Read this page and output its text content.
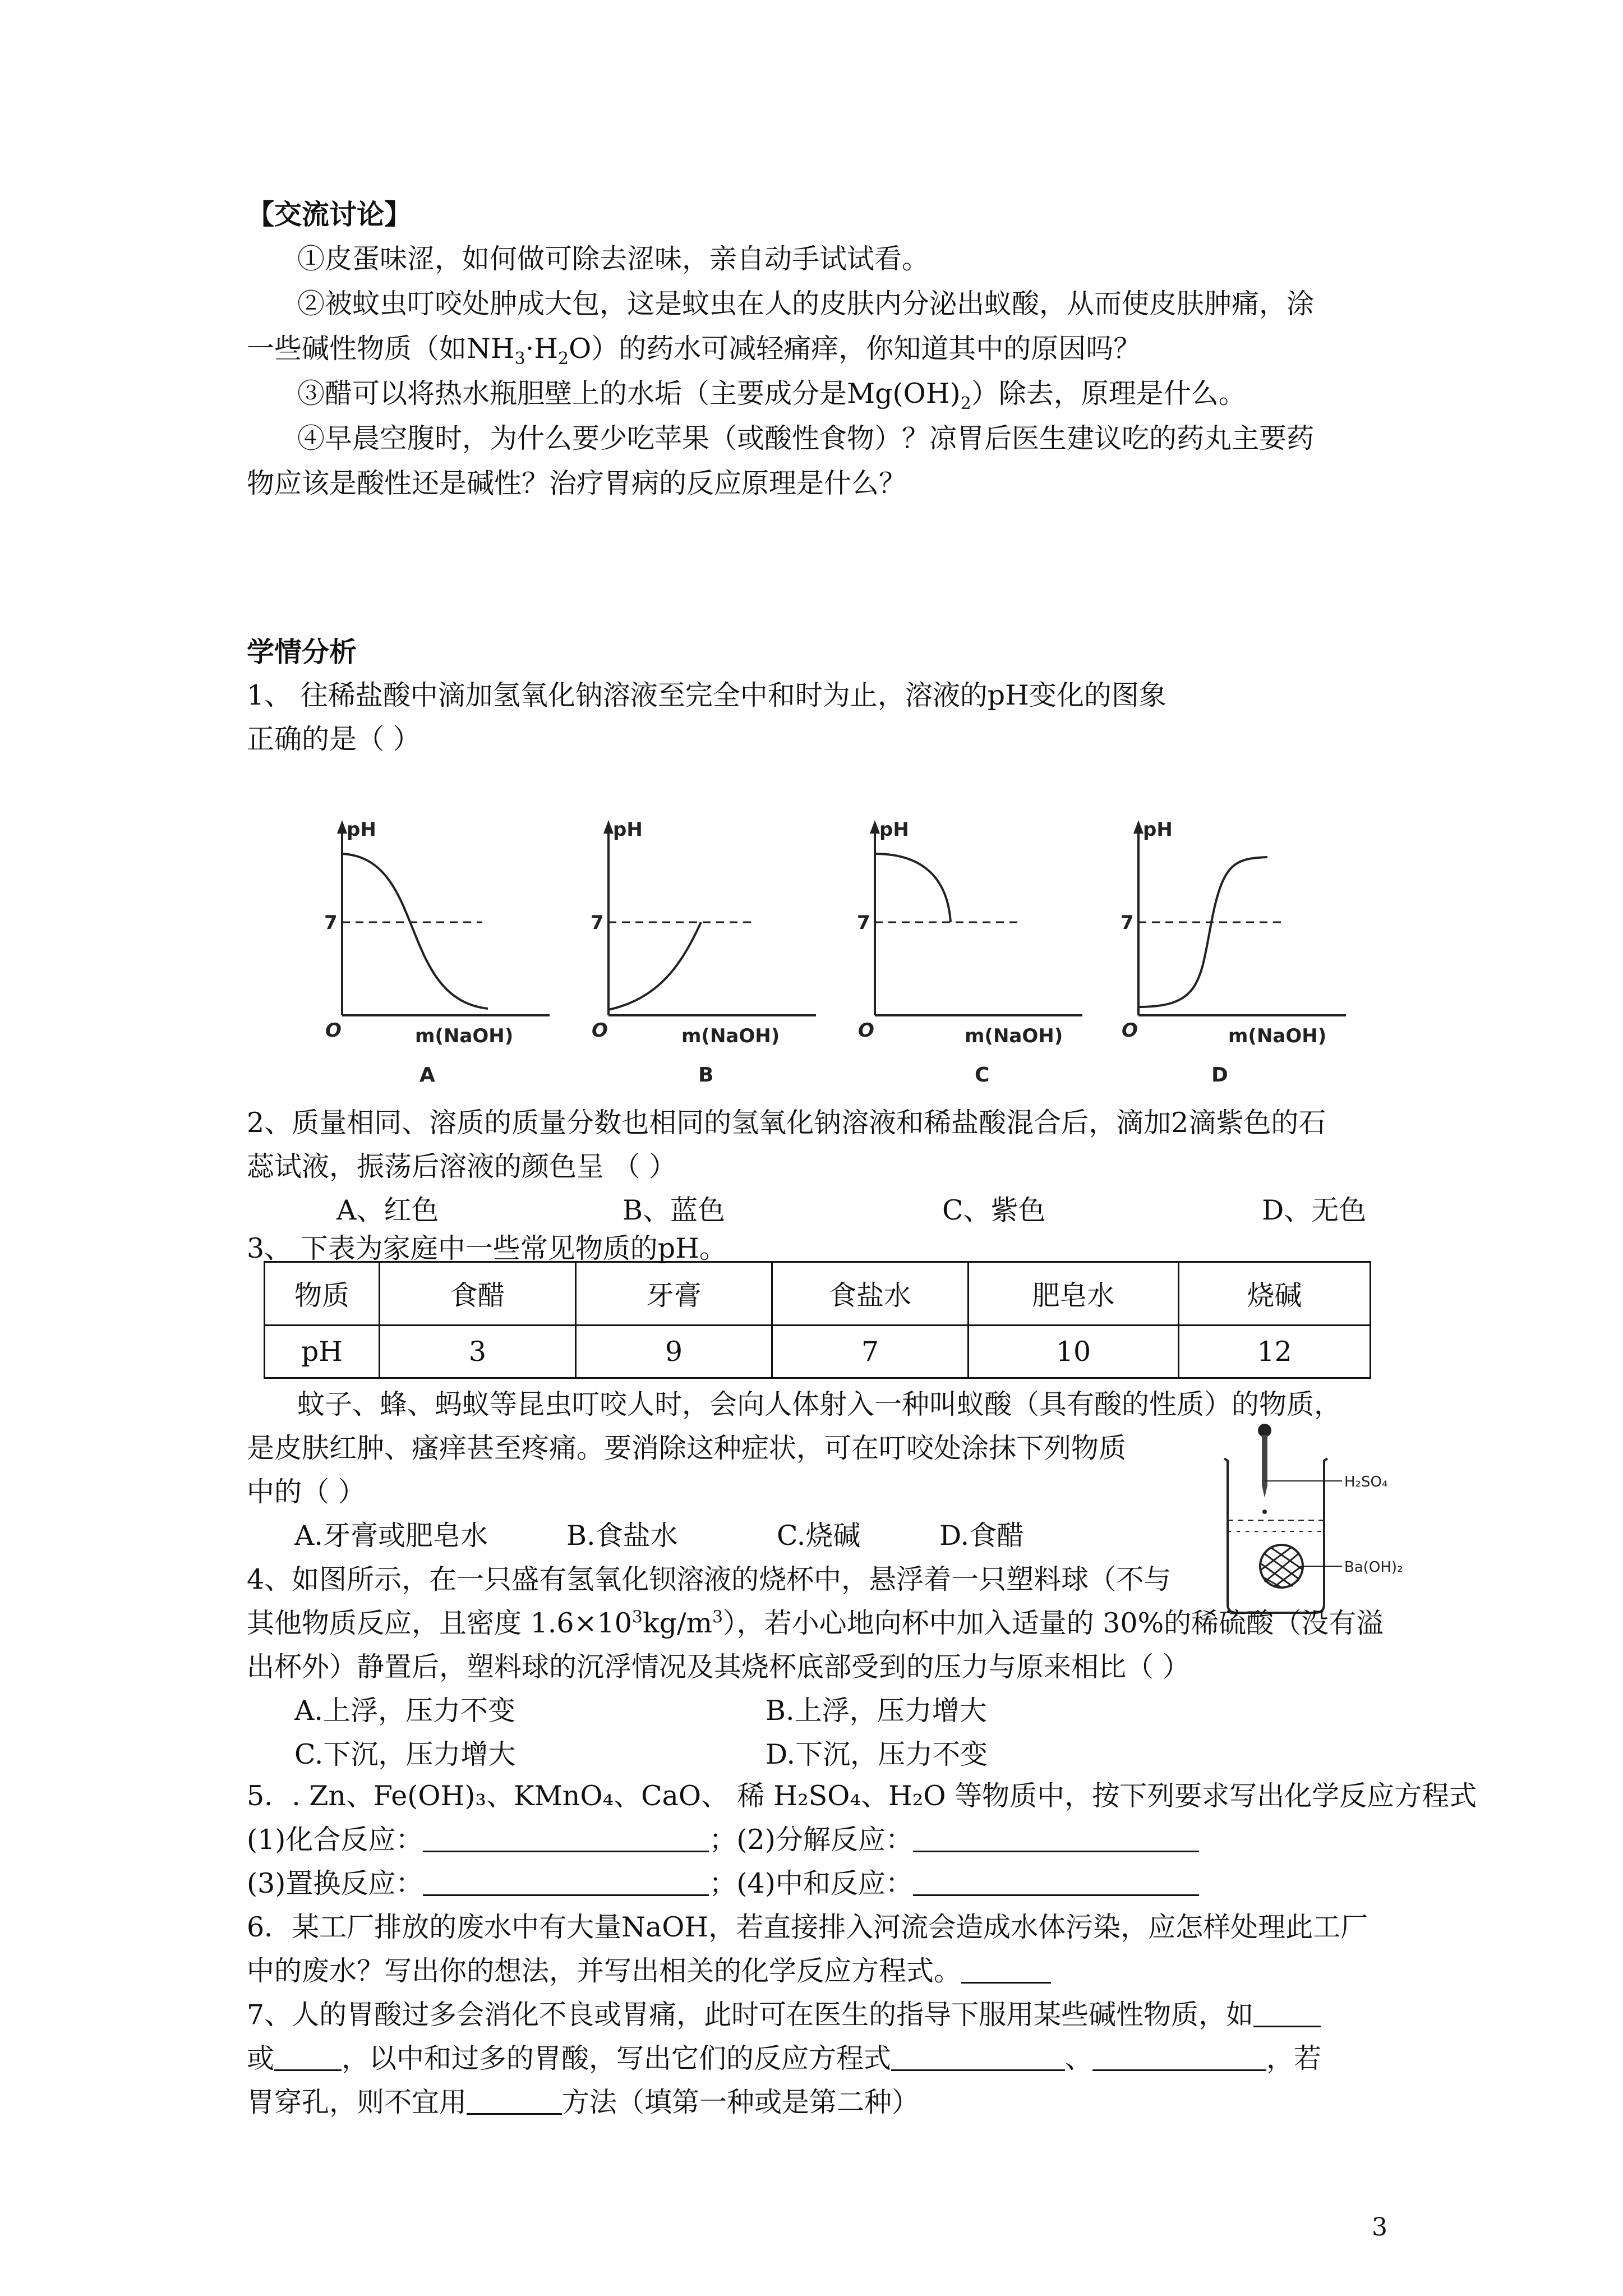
【交流讨论】
①皮蛋味涩，如何做可除去涩味，亲自动手试试看。
②被蚊虫叮咬处肿成大包，这是蚊虫在人的皮肤内分泌出蚁酸，从而使皮肤肿痛，涂
一些碱性物质（如$NH_3\cdot H_2O$）的药水可减轻痛痒，你知道其中的原因吗？
③醋可以将热水瓶胆壁上的水垢（主要成分是$Mg(OH)_2$）除去，原理是什么。
④早晨空腹时，为什么要少吃苹果（或酸性食物）？凉胃后医生建议吃的药丸主要药
物应该是酸性还是碱性？治疗胃病的反应原理是什么？
学情分析
1、 往稀盐酸中滴加氢氧化钠溶液至完全中和时为止，溶液的pH变化的图象
正确的是（ ）
pH
7
O	m(NaOH)
A
pH
7
O	m(NaOH)
B
pH
7
O	m(NaOH)
C
pH
7
O	m(NaOH)
D
2、质量相同、溶质的质量分数也相同的氢氧化钠溶液和稀盐酸混合后，滴加2滴紫色的石
蕊试液，振荡后溶液的颜色呈 （ ）
A、红色	B、蓝色	C、紫色	D、无色
3、 下表为家庭中一些常见物质的pH。
物质	食醋	牙膏	食盐水	肥皂水	烧碱
pH	3	9	7	10	12
蚊子、蜂、蚂蚁等昆虫叮咬人时，会向人体射入一种叫蚁酸（具有酸的性质）的物质，
是皮肤红肿、瘙痒甚至疼痛。要消除这种症状，可在叮咬处涂抹下列物质
中的（ ）
A.牙膏或肥皂水	B.食盐水	C.烧碱	D.食醋
H₂SO₄
Ba(OH)₂
4、如图所示，在一只盛有氢氧化钡溶液的烧杯中，悬浮着一只塑料球（不与
其他物质反应，且密度 $1.6\times 10^3kg/m^3$），若小心地向杯中加入适量的 30%的稀硫酸（没有溢
出杯外）静置后，塑料球的沉浮情况及其烧杯底部受到的压力与原来相比（ ）
A.上浮，压力不变	B.上浮，压力增大
C.下沉，压力增大	D.下沉，压力不变
5．. Zn、Fe(OH)₃、KMnO₄、CaO、 稀 H₂SO₄、H₂O 等物质中，按下列要求写出化学反应方程式
(1)化合反应：	；(2)分解反应：
(3)置换反应：	；(4)中和反应：
6．某工厂排放的废水中有大量NaOH，若直接排入河流会造成水体污染，应怎样处理此工厂
中的废水？写出你的想法，并写出相关的化学反应方程式。
7、人的胃酸过多会消化不良或胃痛，此时可在医生的指导下服用某些碱性物质，如
或 ，以中和过多的胃酸，写出它们的反应方程式	、	，若
胃穿孔，则不宜用	方法（填第一种或是第二种）
3
